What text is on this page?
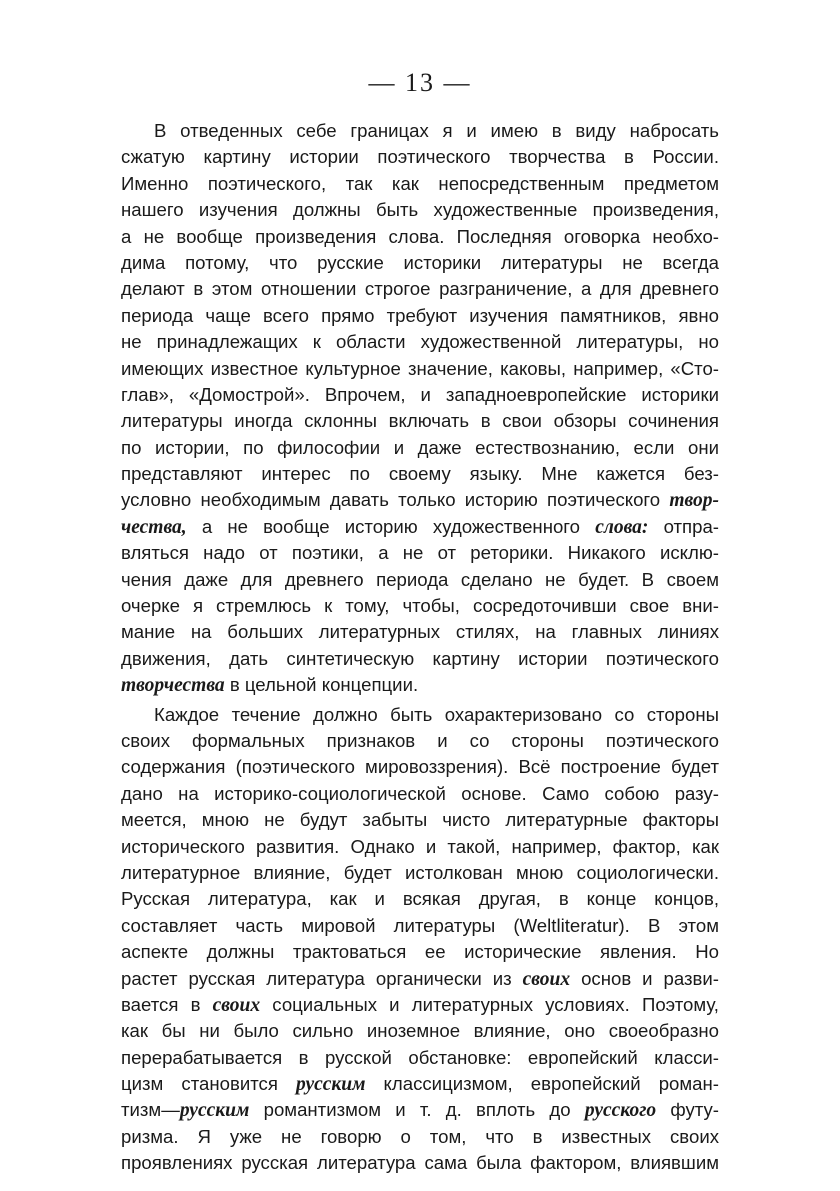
— 13 —
В отведенных себе границах я и имею в виду набросать
сжатую картину истории поэтического творчества в России.
Именно поэтического, так как непосредственным предметом
нашего изучения должны быть художественные произведения,
а не вообще произведения слова. Последняя оговорка необхо-
дима потому, что русские историки литературы не всегда
делают в этом отношении строгое разграничение, а для древнего
периода чаще всего прямо требуют изучения памятников, явно
не принадлежащих к области художественной литературы, но
имеющих известное культурное значение, каковы, например, «Сто-
глав», «Домострой». Впрочем, и западноевропейские историки
литературы иногда склонны включать в свои обзоры сочинения
по истории, по философии и даже естествознанию, если они
представляют интерес по своему языку. Мне кажется без-
условно необходимым давать только историю поэтического твор-
чества, а не вообще историю художественного слова: отпра-
вляться надо от поэтики, а не от реторики. Никакого исклю-
чения даже для древнего периода сделано не будет. В своем
очерке я стремлюсь к тому, чтобы, сосредоточивши свое вни-
мание на больших литературных стилях, на главных линиях
движения, дать синтетическую картину истории поэтического
творчества в цельной концепции.
Каждое течение должно быть охарактеризовано со стороны
своих формальных признаков и со стороны поэтического
содержания (поэтического мировоззрения). Всё построение будет
дано на историко-социологической основе. Само собою разу-
меется, мною не будут забыты чисто литературные факторы
исторического развития. Однако и такой, например, фактор, как
литературное влияние, будет истолкован мною социологически.
Русская литература, как и всякая другая, в конце концов,
составляет часть мировой литературы (Weltliteratur). В этом
аспекте должны трактоваться ее исторические явления. Но
растет русская литература органически из своих основ и разви-
вается в своих социальных и литературных условиях. Поэтому,
как бы ни было сильно иноземное влияние, оно своеобразно
перерабатывается в русской обстановке: европейский класси-
цизм становится русским классицизмом, европейский роман-
тизм—русским романтизмом и т. д. вплоть до русского футу-
ризма. Я уже не говорю о том, что в известных своих
проявлениях русская литература сама была фактором, влиявшим
